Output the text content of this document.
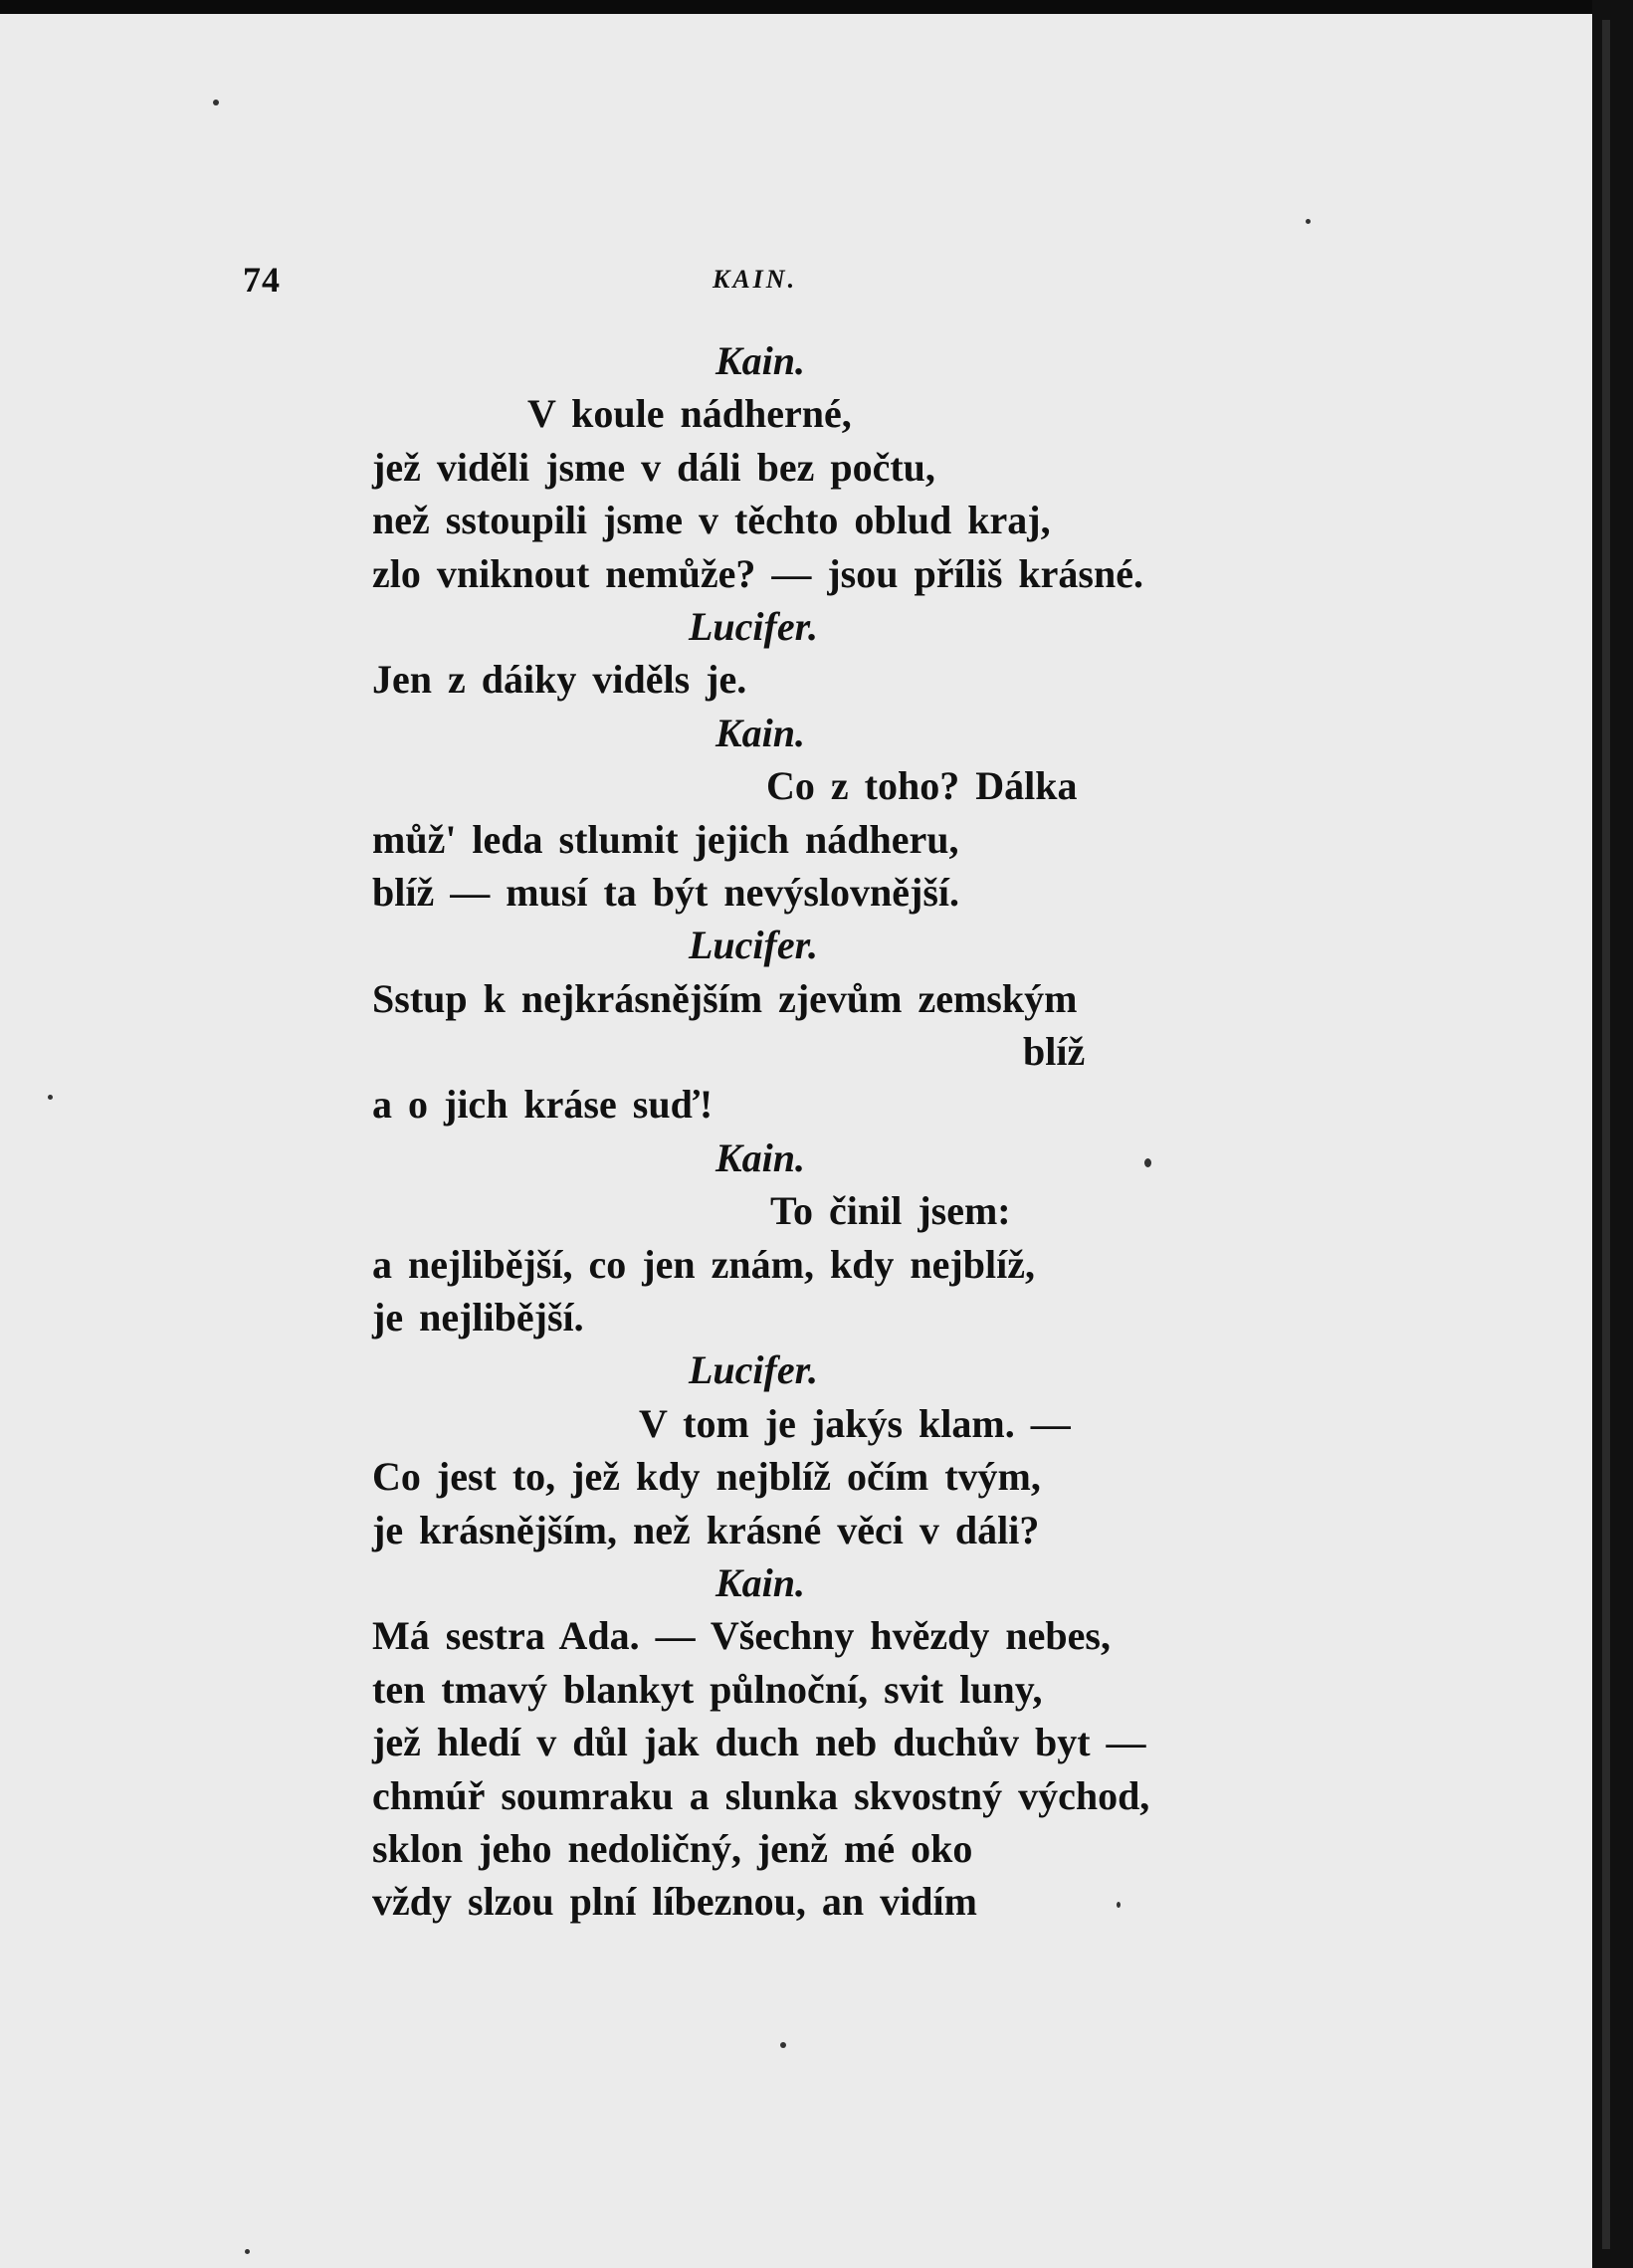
74	KAIN.
Kain.
V koule nádherné,
jež viděli jsme v dáli bez počtu,
než sstoupili jsme v těchto oblud kraj,
zlo vniknout nemůže? — jsou příliš krásné.
Lucifer.
Jen z dáiky viděls je.
Kain.
Co z toho? Dálka
můž' leda stlumit jejich nádheru,
blíž — musí ta být nevýslovnější.
Lucifer.
Sstup k nejkrásnějším zjevům zemským
blíž
a o jich kráse suď!
Kain.
To činil jsem:
a nejlibější, co jen znám, kdy nejblíž,
je nejlibější.
Lucifer.
V tom je jakýs klam. —
Co jest to, jež kdy nejblíž očím tvým,
je krásnějším, než krásné věci v dáli?
Kain.
Má sestra Ada. — Všechny hvězdy nebes,
ten tmavý blankyt půlnoční, svit luny,
jež hledí v důl jak duch neb duchův byt —
chmúř soumraku a slunka skvostný východ,
sklon jeho nedoličný, jenž mé oko
vždy slzou plní líbeznou, an vidím
